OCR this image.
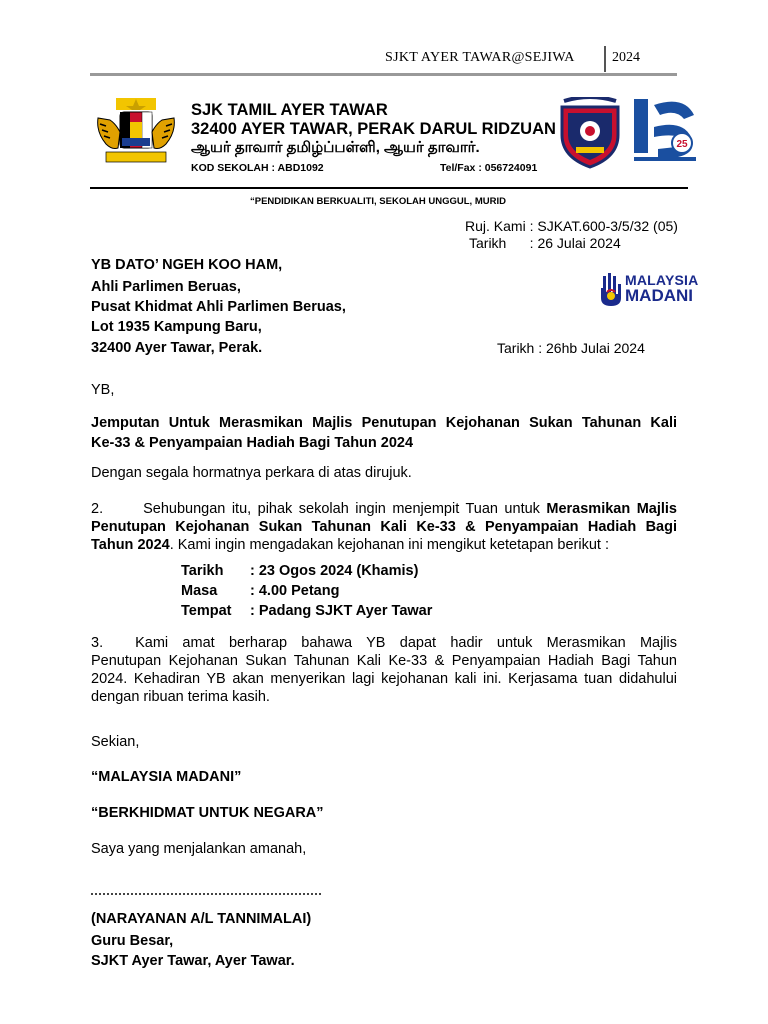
SJKT AYER TAWAR@SEJIWA	2024
SJK TAMIL AYER TAWAR
32400 AYER TAWAR, PERAK DARUL RIDZUAN
ஆயர் தாவார் தமிழ்ப்பள்ளி, ஆயர் தாவார்.
KOD SEKOLAH : ABD1092	Tel/Fax : 056724091
25
“PENDIDIKAN BERKUALITI, SEKOLAH UNGGUL, MURID
Ruj. Kami : SJKAT.600-3/5/32 (05)
Tarikh      : 26 Julai 2024
YB DATO’ NGEH KOO HAM,
Ahli Parlimen Beruas,
Pusat Khidmat Ahli Parlimen Beruas,
Lot 1935 Kampung Baru,
32400 Ayer Tawar, Perak.
MALAYSIA
MADANI
Tarikh : 26hb Julai 2024
YB,
Jemputan Untuk Merasmikan Majlis Penutupan Kejohanan Sukan Tahunan Kali
Ke-33 & Penyampaian Hadiah Bagi Tahun 2024
Dengan segala hormatnya perkara di atas dirujuk.
2.	Sehubungan itu, pihak sekolah ingin menjempit Tuan untuk Merasmikan Majlis
Penutupan Kejohanan Sukan Tahunan Kali Ke-33 & Penyampaian Hadiah Bagi
Tahun 2024. Kami ingin mengadakan kejohanan ini mengikut ketetapan berikut :
Tarikh : 23 Ogos 2024 (Khamis)
Masa : 4.00 Petang
Tempat : Padang SJKT Ayer Tawar
3. Kami amat berharap bahawa YB dapat hadir untuk Merasmikan Majlis
Penutupan Kejohanan Sukan Tahunan Kali Ke-33 & Penyampaian Hadiah Bagi Tahun
2024. Kehadiran YB akan menyerikan lagi kejohanan kali ini. Kerjasama tuan didahului
dengan ribuan terima kasih.
Sekian,
“MALAYSIA MADANI”
“BERKHIDMAT UNTUK NEGARA”
Saya yang menjalankan amanah,
(NARAYANAN A/L TANNIMALAI)
Guru Besar,
SJKT Ayer Tawar, Ayer Tawar.
